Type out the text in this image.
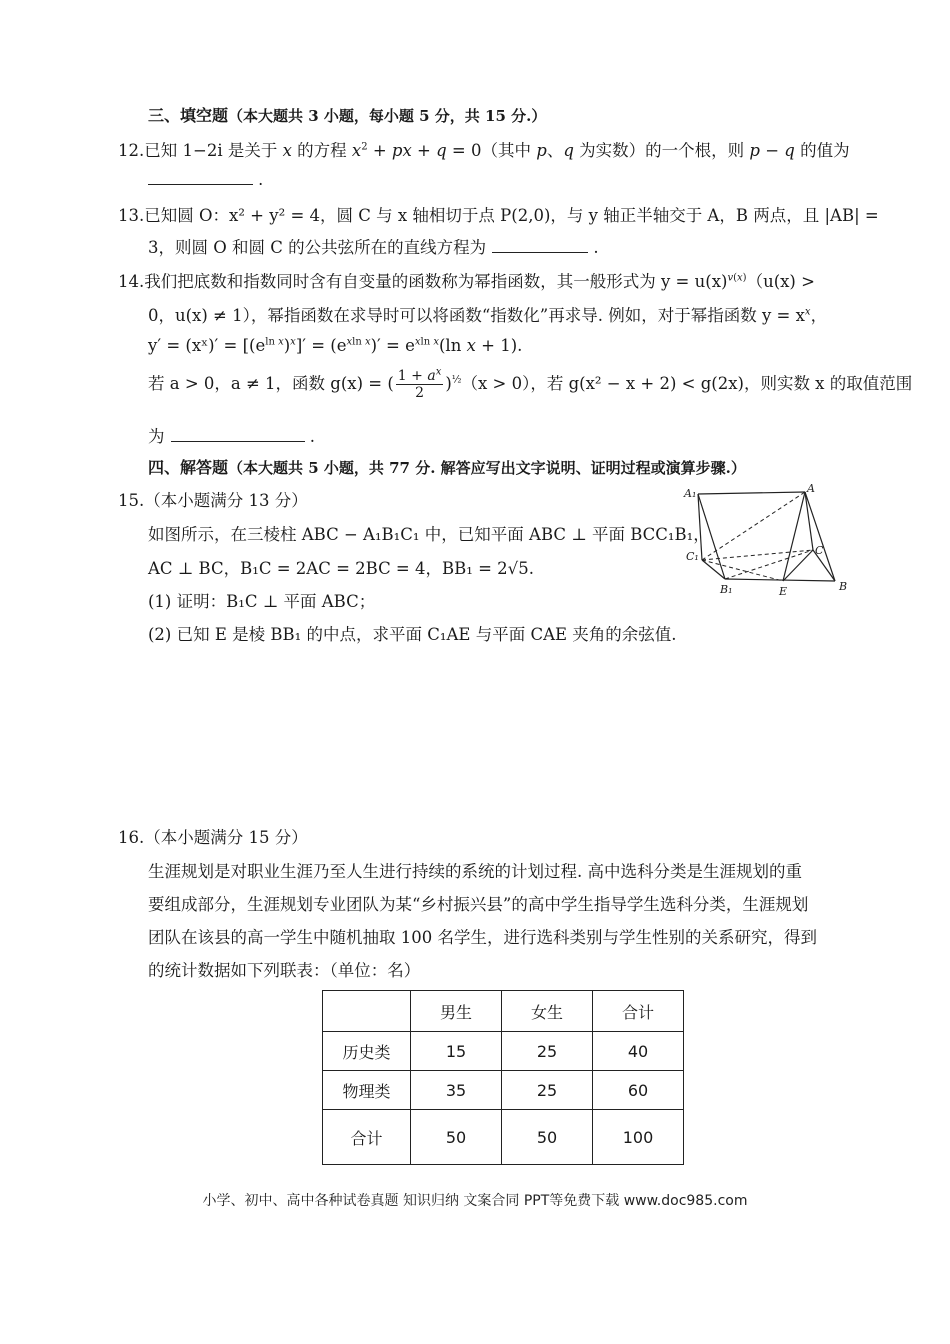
三、填空题（本大题共 3 小题，每小题 5 分，共 15 分.）
12.已知 1−2i 是关于 x 的方程 $x^2$ + px + q = 0（其中 p、q 为实数）的一个根，则 p − q 的值为
.
13.已知圆 O：x² + y² = 4，圆 C 与 x 轴相切于点 P(2,0)，与 y 轴正半轴交于 A，B 两点，且 |AB| =
3，则圆 O 和圆 C 的公共弦所在的直线方程为	.
14.我们把底数和指数同时含有自变量的函数称为幂指函数，其一般形式为 $y = u(x)^{v(x)}(u(x)$ >
0，u(x) ≠ 1），幂指函数在求导时可以将函数“指数化”再求导. 例如，对于幂指函数 $y = x^x$，
y′ = (xˣ)′ = $[(e^{ln x})^x]' = (e^{xln x})' = e^{xln x}(\ln$ x + 1).
若 a > 0，a ≠ 1，函数 g(x) = ( $\frac{1 + a^x}{2} )^{\frac{1}{2}}(x > 0)$，若 g(x² − x + 2) < g(2x)，则实数 x 的取值范围
为	.
四、解答题（本大题共 5 小题，共 77 分. 解答应写出文字说明、证明过程或演算步骤.）
15.（本小题满分 13 分）
如图所示，在三棱柱 ABC − A₁B₁C₁ 中，已知平面 ABC ⊥ 平面 BCC₁B₁，
AC ⊥ BC，B₁C = 2AC = 2BC = 4，BB₁ = 2√5.
(1) 证明：B₁C ⊥ 平面 ABC；
(2) 已知 E 是棱 BB₁ 的中点，求平面 C₁AE 与平面 CAE 夹角的余弦值.
A₁	A
C₁	C
B₁	E	B
16.（本小题满分 15 分）
生涯规划是对职业生涯乃至人生进行持续的系统的计划过程. 高中选科分类是生涯规划的重
要组成部分，生涯规划专业团队为某“乡村振兴县”的高中学生指导学生选科分类，生涯规划
团队在该县的高一学生中随机抽取 100 名学生，进行选科类别与学生性别的关系研究，得到
的统计数据如下列联表：（单位：名）
	男生	女生	合计
历史类	15	25	40
物理类	35	25	60
合计	50	50	100
小学、初中、高中各种试卷真题 知识归纳 文案合同 PPT等免费下载 www.doc985.com
